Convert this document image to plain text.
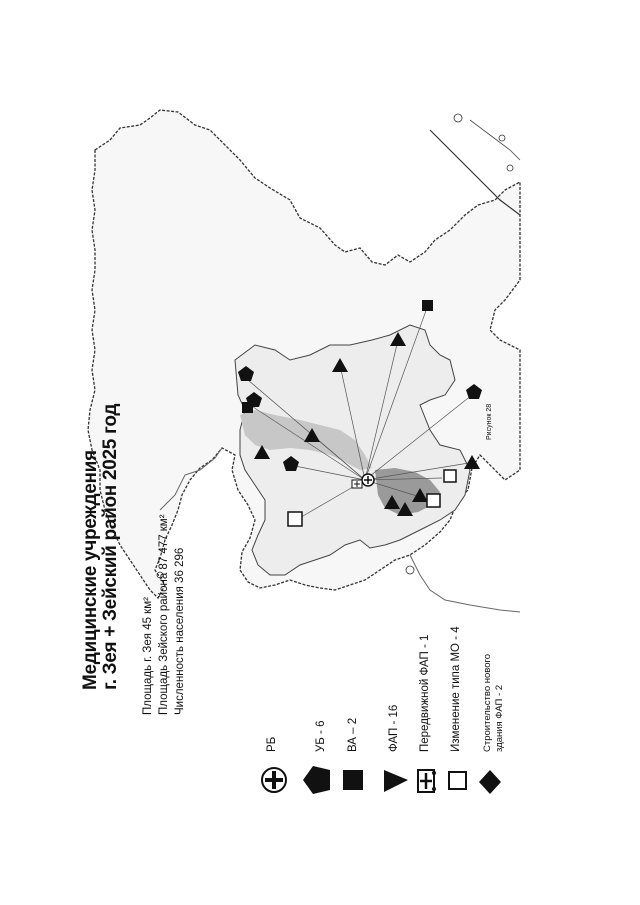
Медицинские учреждения г. Зея + Зейский район 2025 год Площадь г. Зея 45 км² Площадь Зейского района 87 477 км² Численность населения 36 296
РБ	УБ - 6 ВА – 2	ФАП - 16 Передвижной ФАП - 1 Изменение типа МО - 4 Строительство нового здания ФАП - 2
Рисунок 28
